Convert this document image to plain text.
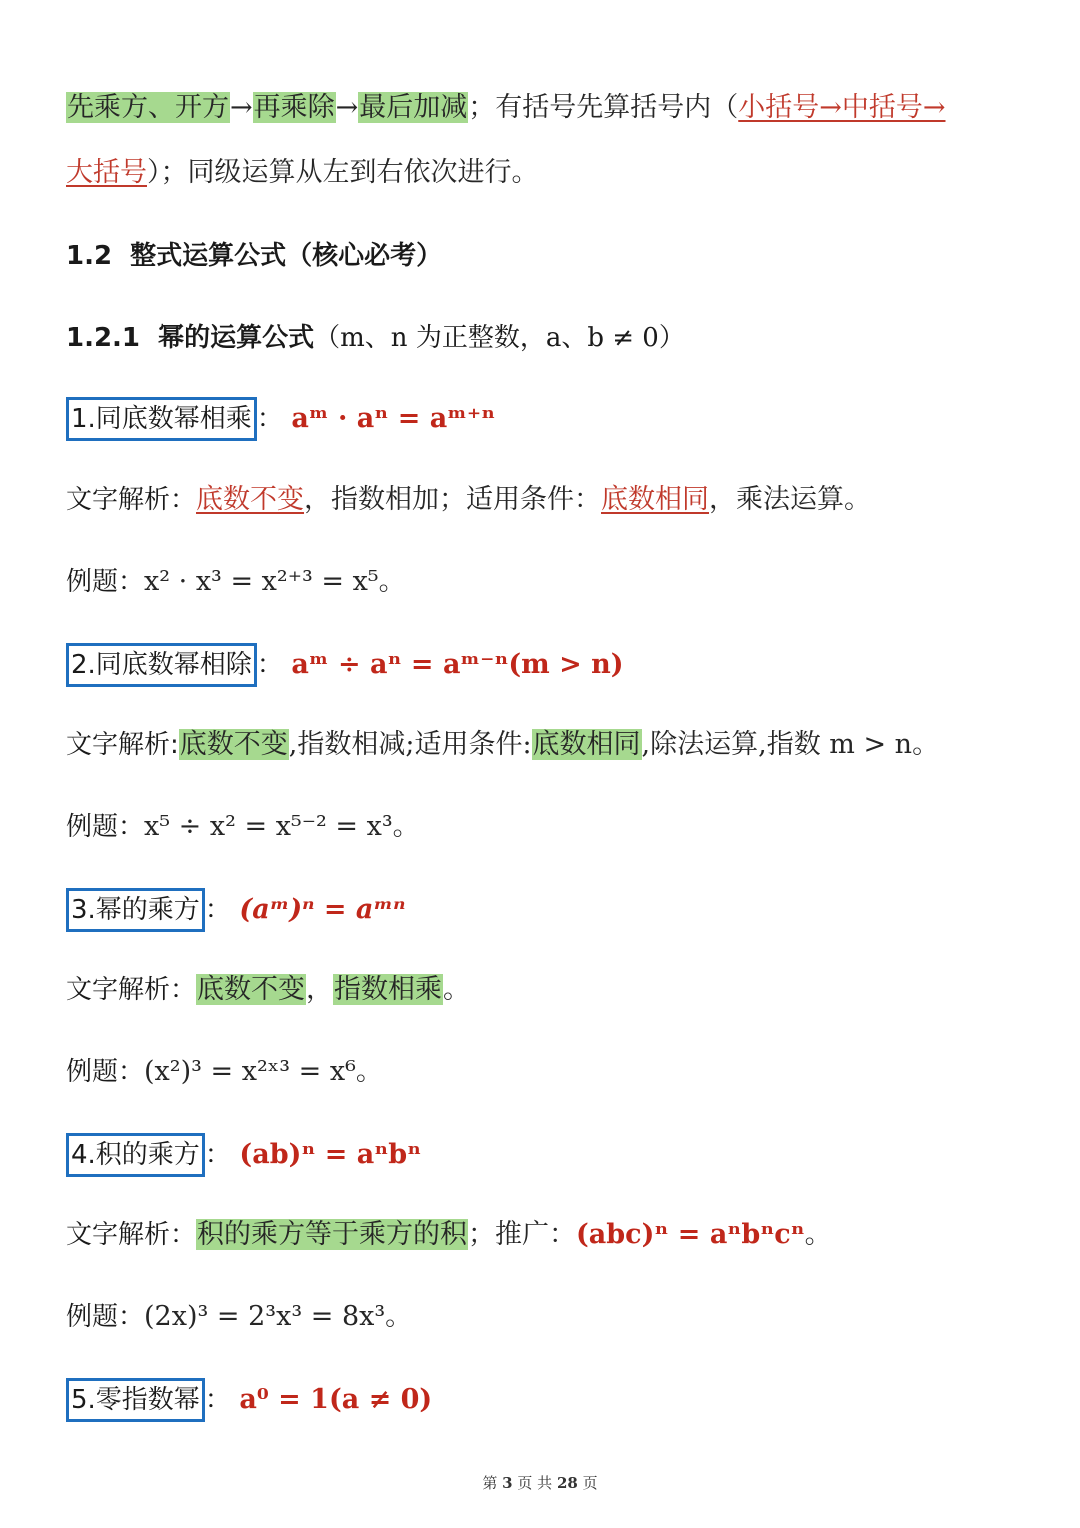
先乘方、开方→再乘除→最后加减；有括号先算括号内（小括号→中括号→
大括号）；同级运算从左到右依次进行。
1.2 整式运算公式（核心必考）
1.2.1 幂的运算公式（m、n 为正整数，a、b ≠ 0）
1.同底数幂相乘 ： aᵐ · aⁿ = aᵐ⁺ⁿ
文字解析：底数不变，指数相加；适用条件：底数相同，乘法运算。
例题：x² · x³ = x²⁺³ = x⁵。
2.同底数幂相除 ： aᵐ ÷ aⁿ = aᵐ⁻ⁿ(m > n)
文字解析:底数不变,指数相减;适用条件:底数相同,除法运算,指数 m > n。
例题：x⁵ ÷ x² = x⁵⁻² = x³。
3.幂的乘方 ： (aᵐ)ⁿ = aᵐⁿ
文字解析：底数不变，指数相乘。
例题：(x²)³ = x²ˣ³ = x⁶。
4.积的乘方 ： (ab)ⁿ = aⁿbⁿ
文字解析：积的乘方等于乘方的积；推广：(abc)ⁿ = aⁿbⁿcⁿ。
例题：(2x)³ = 2³x³ = 8x³。
5.零指数幂 ： a⁰ = 1(a ≠ 0)
第 3 页 共 28 页
